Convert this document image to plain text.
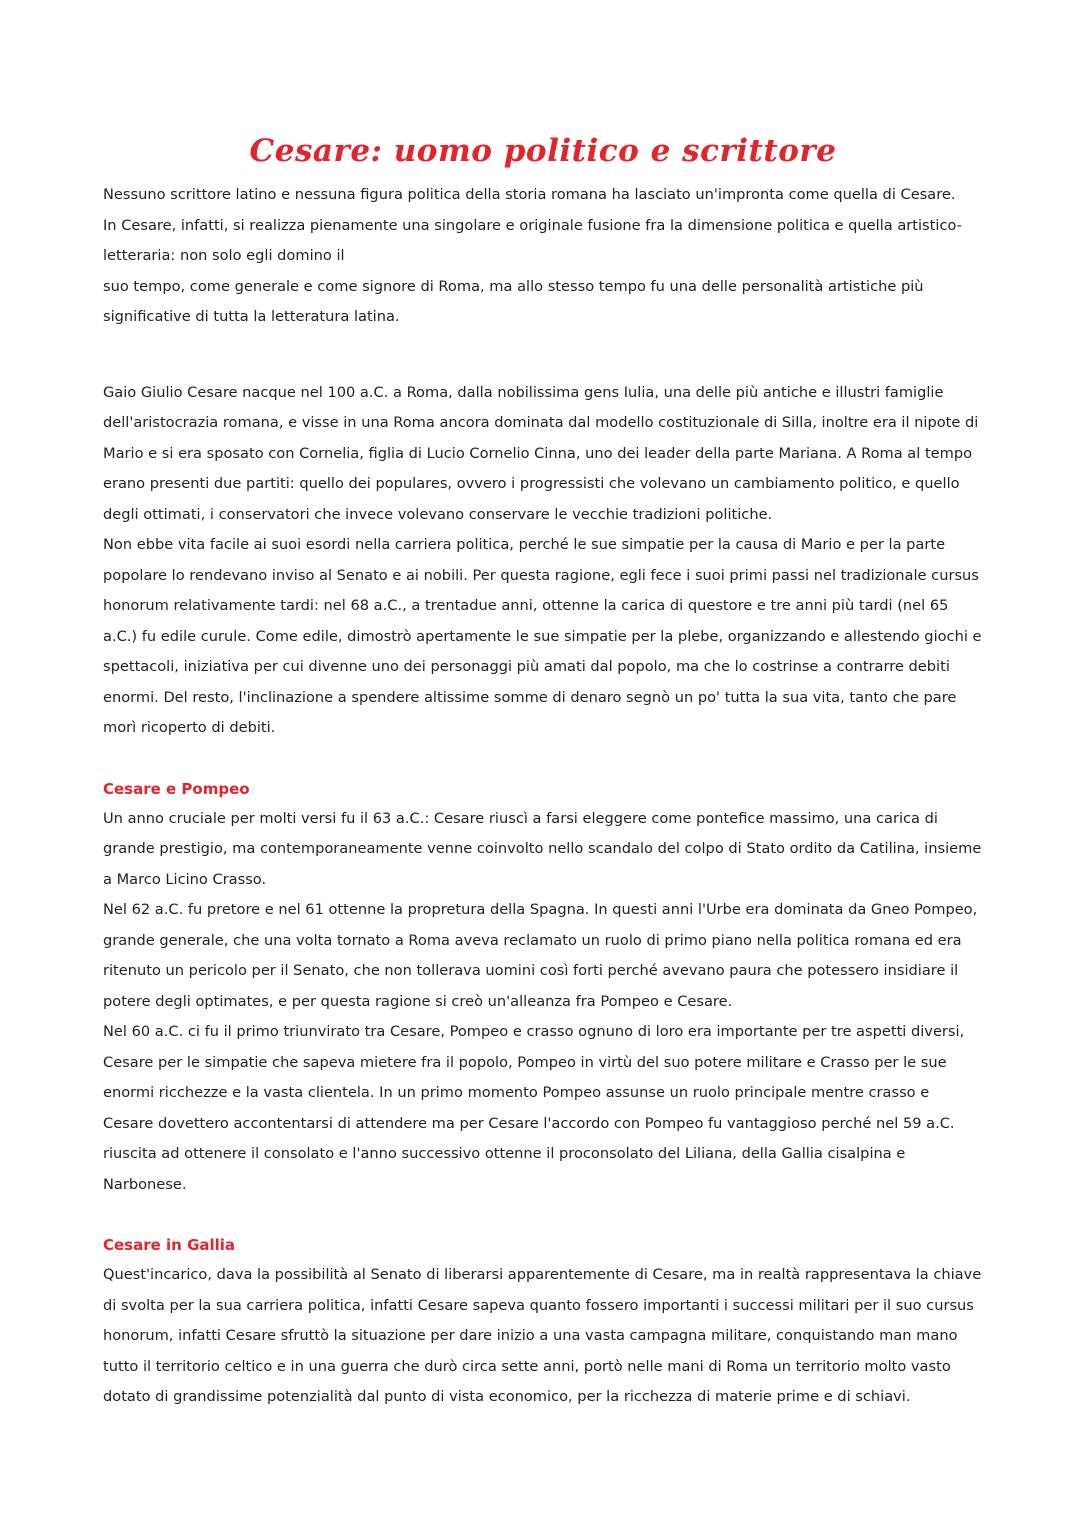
Cesare: uomo politico e scrittore

Nessuno scrittore latino e nessuna figura politica della storia romana ha lasciato un'impronta come quella di Cesare.

In Cesare, infatti, si realizza pienamente una singolare e originale fusione fra la dimensione politica e quella artistico-letteraria: non solo egli domino il

suo tempo, come generale e come signore di Roma, ma allo stesso tempo fu una delle personalità artistiche più significative di tutta la letteratura latina.

Gaio Giulio Cesare nacque nel 100 a.C. a Roma, dalla nobilissima gens Iulia, una delle più antiche e illustri famiglie dell'aristocrazia romana, e visse in una Roma ancora dominata dal modello costituzionale di Silla, inoltre era il nipote di Mario e si era sposato con Cornelia, figlia di Lucio Cornelio Cinna, uno dei leader della parte Mariana. A Roma al tempo erano presenti due partiti: quello dei populares, ovvero i progressisti che volevano un cambiamento politico, e quello degli ottimati, i conservatori che invece volevano conservare le vecchie tradizioni politiche.

Non ebbe vita facile ai suoi esordi nella carriera politica, perché le sue simpatie per la causa di Mario e per la parte popolare lo rendevano inviso al Senato e ai nobili. Per questa ragione, egli fece i suoi primi passi nel tradizionale cursus honorum relativamente tardi: nel 68 a.C., a trentadue anni, ottenne la carica di questore e tre anni più tardi (nel 65 a.C.) fu edile curule. Come edile, dimostrò apertamente le sue simpatie per la plebe, organizzando e allestendo giochi e spettacoli, iniziativa per cui divenne uno dei personaggi più amati dal popolo, ma che lo costrinse a contrarre debiti enormi. Del resto, l'inclinazione a spendere altissime somme di denaro segnò un po' tutta la sua vita, tanto che pare morì ricoperto di debiti.

Cesare e Pompeo

Un anno cruciale per molti versi fu il 63 a.C.: Cesare riuscì a farsi eleggere come pontefice massimo, una carica di grande prestigio, ma contemporaneamente venne coinvolto nello scandalo del colpo di Stato ordito da Catilina, insieme a Marco Licino Crasso.

Nel 62 a.C. fu pretore e nel 61 ottenne la propretura della Spagna. In questi anni l'Urbe era dominata da Gneo Pompeo, grande generale, che una volta tornato a Roma aveva reclamato un ruolo di primo piano nella politica romana ed era ritenuto un pericolo per il Senato, che non tollerava uomini così forti perché avevano paura che potessero insidiare il potere degli optimates, e per questa ragione si creò un'alleanza fra Pompeo e Cesare.

Nel 60 a.C. ci fu il primo triunvirato tra Cesare, Pompeo e crasso ognuno di loro era importante per tre aspetti diversi, Cesare per le simpatie che sapeva mietere fra il popolo, Pompeo in virtù del suo potere militare e Crasso per le sue enormi ricchezze e la vasta clientela. In un primo momento Pompeo assunse un ruolo principale mentre crasso e Cesare dovettero accontentarsi di attendere ma per Cesare l'accordo con Pompeo fu vantaggioso perché nel 59 a.C. riuscita ad ottenere il consolato e l'anno successivo ottenne il proconsolato del Liliana, della Gallia cisalpina e Narbonese.

Cesare in Gallia

Quest'incarico, dava la possibilità al Senato di liberarsi apparentemente di Cesare, ma in realtà rappresentava la chiave di svolta per la sua carriera politica, infatti Cesare sapeva quanto fossero importanti i successi militari per il suo cursus honorum, infatti Cesare sfruttò la situazione per dare inizio a una vasta campagna militare, conquistando man mano tutto il territorio celtico e in una guerra che durò circa sette anni, portò nelle mani di Roma un territorio molto vasto dotato di grandissime potenzialità dal punto di vista economico, per la ricchezza di materie prime e di schiavi.
